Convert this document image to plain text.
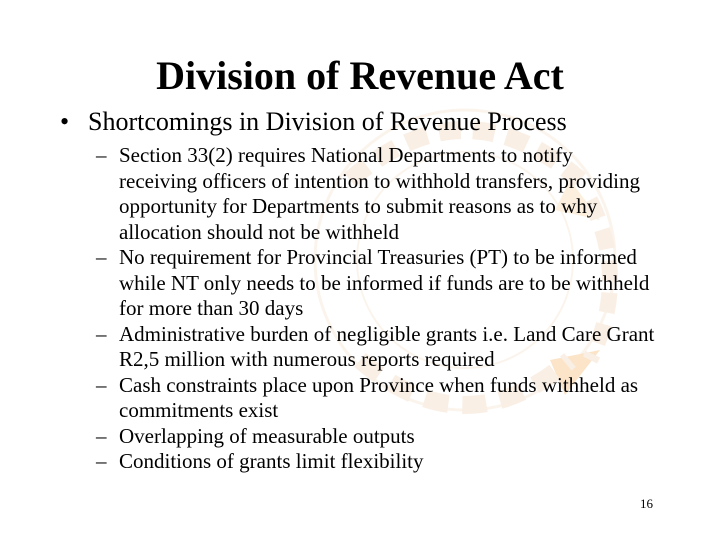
Division of Revenue Act
• Shortcomings in Division of Revenue Process
– Section 33(2) requires National Departments to notify receiving officers of intention to withhold transfers, providing opportunity for Departments to submit reasons as to why allocation should not be withheld
– No requirement for Provincial Treasuries (PT) to be informed while NT only needs to be informed if funds are to be withheld for more than 30 days
– Administrative burden of negligible grants i.e. Land Care Grant R2,5 million with numerous reports required
– Cash constraints place upon Province when funds withheld as commitments exist
– Overlapping of measurable outputs
– Conditions of grants limit flexibility
16
